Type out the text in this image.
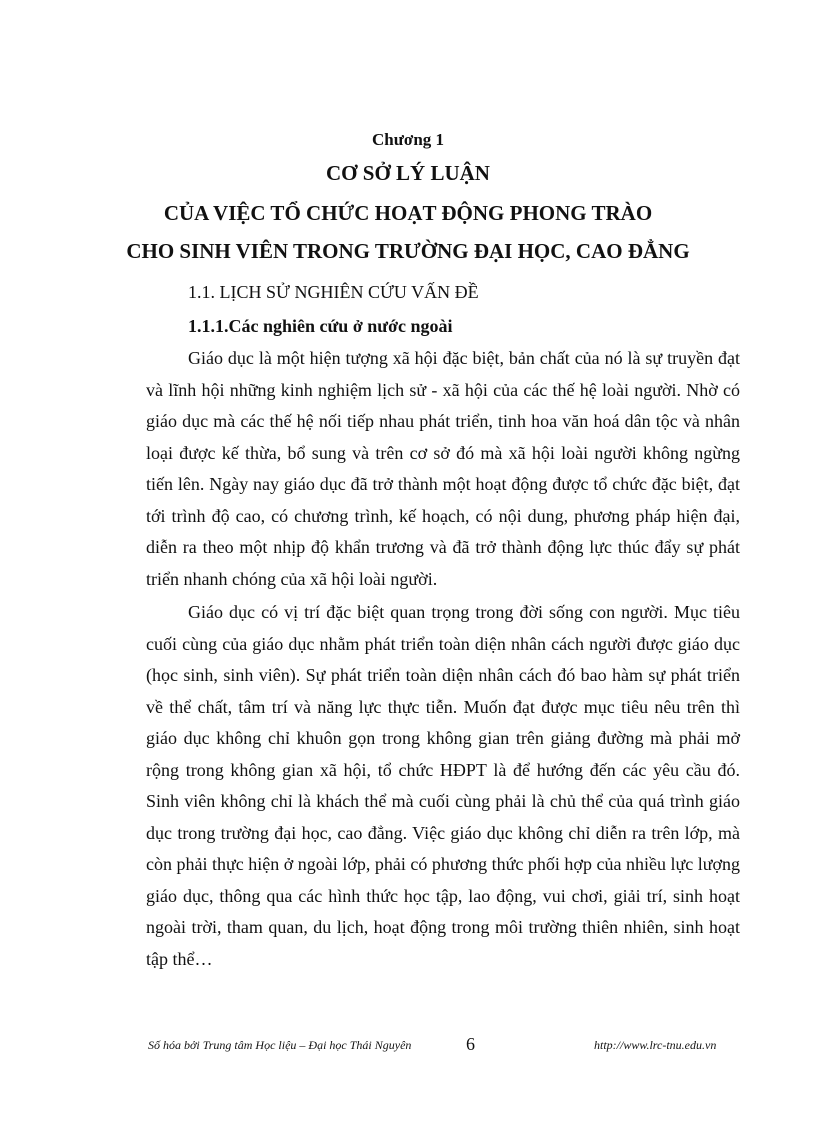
Chương 1
CƠ SỞ LÝ LUẬN
CỦA VIỆC TỔ CHỨC HOẠT ĐỘNG PHONG TRÀO
CHO SINH VIÊN TRONG TRƯỜNG ĐẠI HỌC, CAO ĐẲNG
1.1. LỊCH SỬ NGHIÊN CỨU VẤN ĐỀ
1.1.1.Các nghiên cứu ở nước ngoài

Giáo dục là một hiện tượng xã hội đặc biệt, bản chất của nó là sự truyền đạt và lĩnh hội những kinh nghiệm lịch sử - xã hội của các thế hệ loài người. Nhờ có giáo dục mà các thế hệ nối tiếp nhau phát triển, tinh hoa văn hoá dân tộc và nhân loại được kế thừa, bổ sung và trên cơ sở đó mà xã hội loài người không ngừng tiến lên. Ngày nay giáo dục đã trở thành một hoạt động được tổ chức đặc biệt, đạt tới trình độ cao, có chương trình, kế hoạch, có nội dung, phương pháp hiện đại, diễn ra theo một nhịp độ khẩn trương và đã trở thành động lực thúc đẩy sự phát triển nhanh chóng của xã hội loài người.

Giáo dục có vị trí đặc biệt quan trọng trong đời sống con người. Mục tiêu cuối cùng của giáo dục nhằm phát triển toàn diện nhân cách người được giáo dục (học sinh, sinh viên). Sự phát triển toàn diện nhân cách đó bao hàm sự phát triển về thể chất, tâm trí và năng lực thực tiễn. Muốn đạt được mục tiêu nêu trên thì giáo dục không chỉ khuôn gọn trong không gian trên giảng đường mà phải mở rộng trong không gian xã hội, tổ chức HĐPT là để hướng đến các yêu cầu đó. Sinh viên không chỉ là khách thể mà cuối cùng phải là chủ thể của quá trình giáo dục trong trường đại học, cao đẳng. Việc giáo dục không chỉ diễn ra trên lớp, mà còn phải thực hiện ở ngoài lớp, phải có phương thức phối hợp của nhiều lực lượng giáo dục, thông qua các hình thức học tập, lao động, vui chơi, giải trí, sinh hoạt ngoài trời, tham quan, du lịch, hoạt động trong môi trường thiên nhiên, sinh hoạt tập thể…

Số hóa bởi Trung tâm Học liệu – Đại học Thái Nguyên	6	http://www.lrc-tnu.edu.vn
